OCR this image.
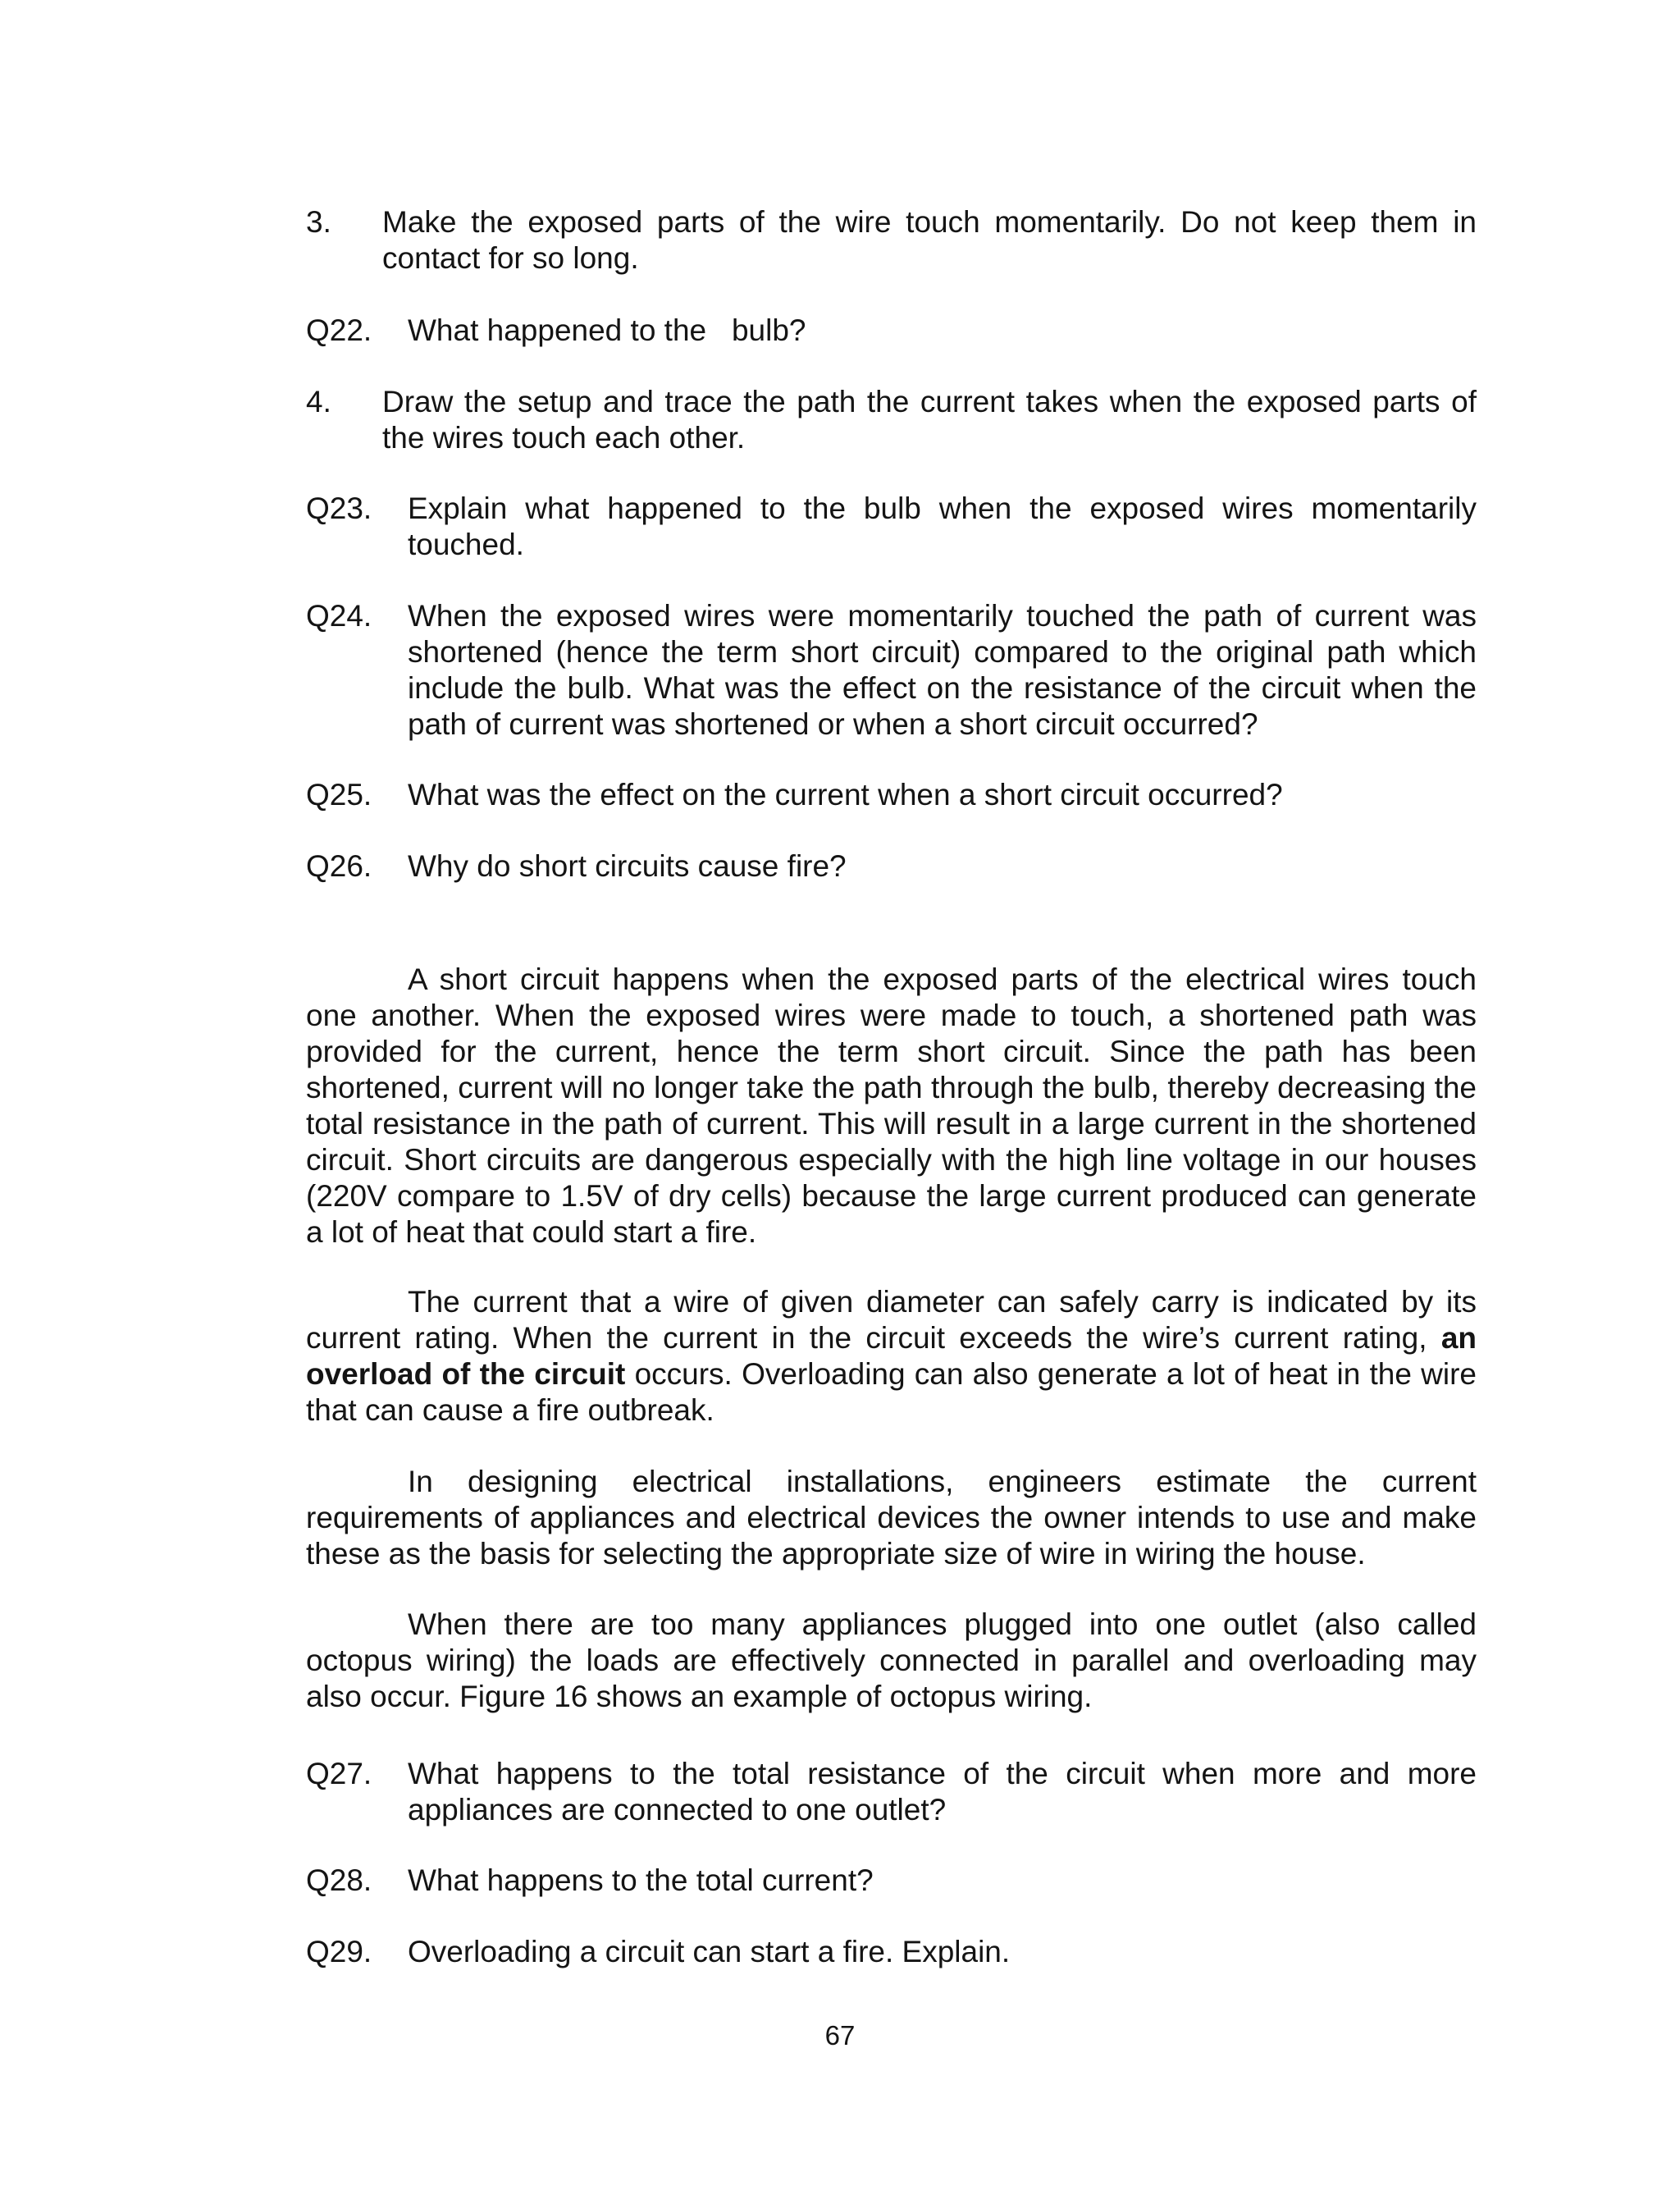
3. Make the exposed parts of the wire touch momentarily. Do not keep them in contact for so long.
Q22. What happened to the   bulb?
4. Draw the setup and trace the path the current takes when the exposed parts of the wires touch each other.
Q23. Explain what happened to the bulb when the exposed wires momentarily touched.
Q24. When the exposed wires were momentarily touched the path of current was shortened (hence the term short circuit) compared to the original path which include the bulb. What was the effect on the resistance of the circuit when the path of current was shortened or when a short circuit occurred?
Q25. What was the effect on the current when a short circuit occurred?
Q26. Why do short circuits cause fire?

A short circuit happens when the exposed parts of the electrical wires touch one another. When the exposed wires were made to touch, a shortened path was provided for the current, hence the term short circuit. Since the path has been shortened, current will no longer take the path through the bulb, thereby decreasing the total resistance in the path of current. This will result in a large current in the shortened circuit. Short circuits are dangerous especially with the high line voltage in our houses (220V compare to 1.5V of dry cells) because the large current produced can generate a lot of heat that could start a fire.

The current that a wire of given diameter can safely carry is indicated by its current rating. When the current in the circuit exceeds the wire’s current rating, an overload of the circuit occurs. Overloading can also generate a lot of heat in the wire that can cause a fire outbreak.

In designing electrical installations, engineers estimate the current requirements of appliances and electrical devices the owner intends to use and make these as the basis for selecting the appropriate size of wire in wiring the house.

When there are too many appliances plugged into one outlet (also called octopus wiring) the loads are effectively connected in parallel and overloading may also occur. Figure 16 shows an example of octopus wiring.

Q27. What happens to the total resistance of the circuit when more and more appliances are connected to one outlet?
Q28. What happens to the total current?
Q29. Overloading a circuit can start a fire. Explain.
67
